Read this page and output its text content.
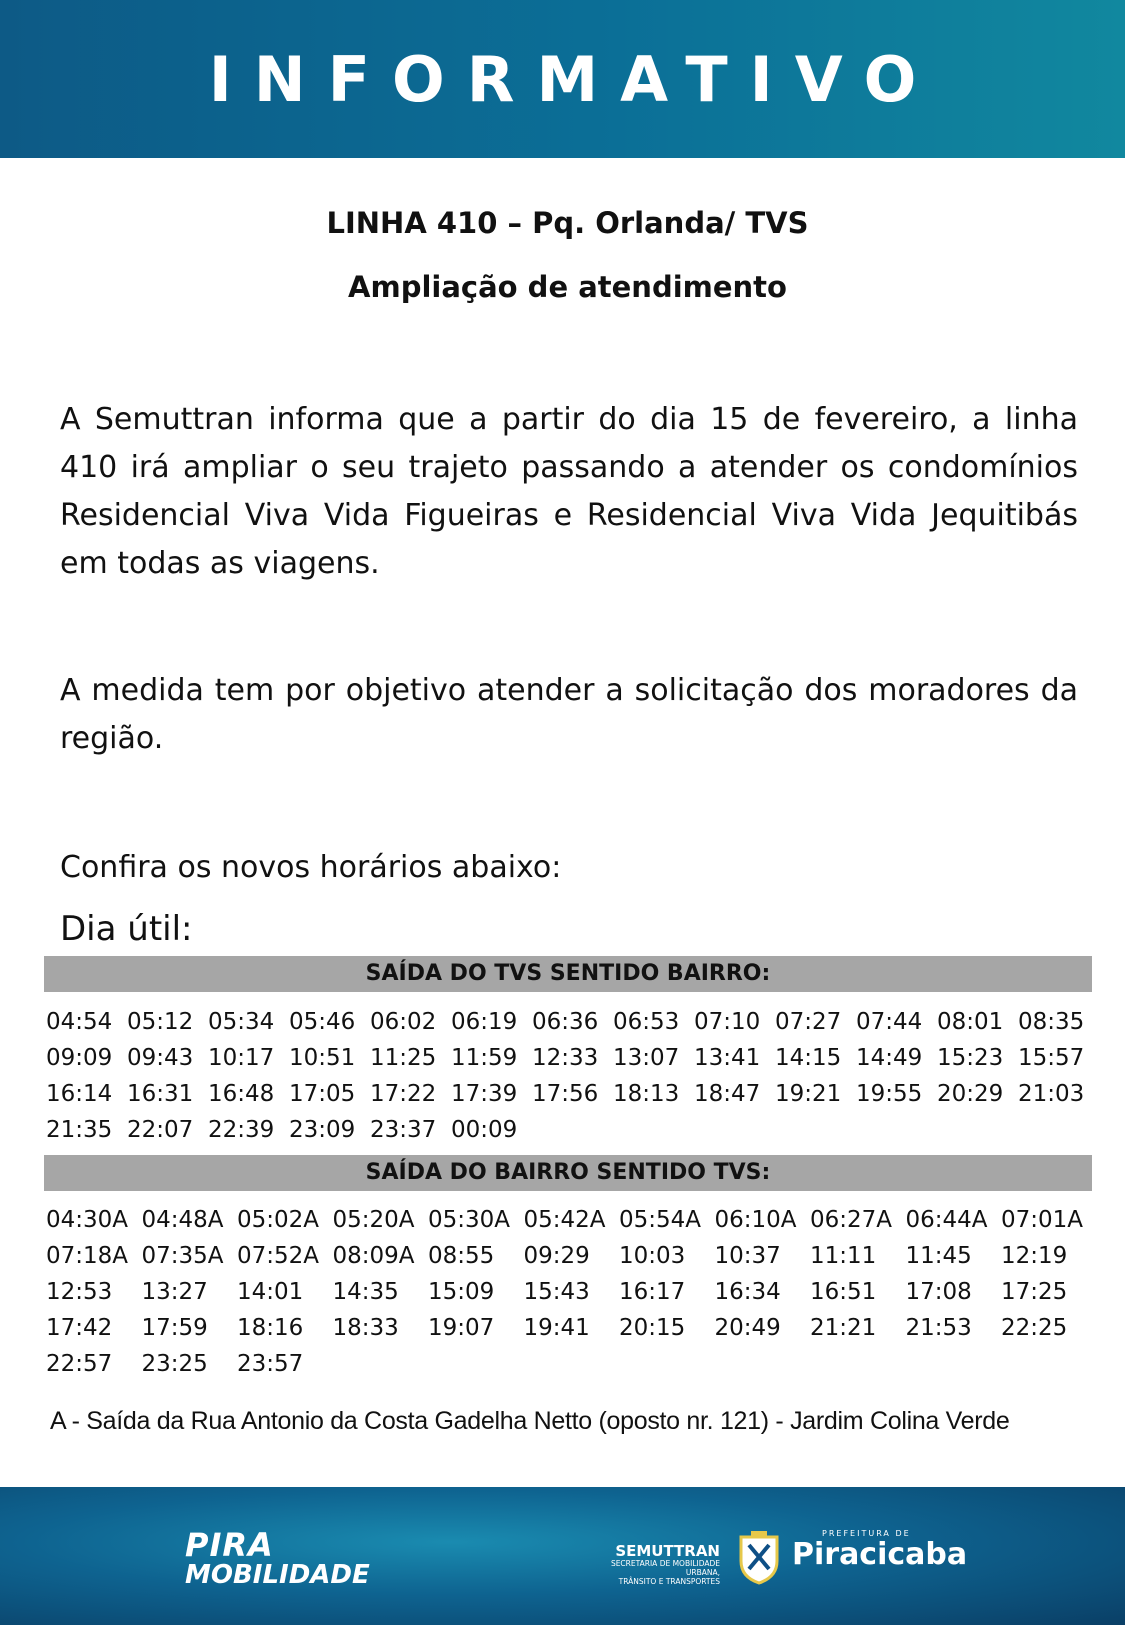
INFORMATIVO

LINHA 410 – Pq. Orlanda/ TVS

Ampliação de atendimento

A Semuttran informa que a partir do dia 15 de fevereiro, a linha 410 irá ampliar o seu trajeto passando a atender os condomínios Residencial Viva Vida Figueiras e Residencial Viva Vida Jequitibás em todas as viagens.

A medida tem por objetivo atender a solicitação dos moradores da região.

Confira os novos horários abaixo:

Dia útil:

SAÍDA DO TVS SENTIDO BAIRRO:
04:54 05:12 05:34 05:46 06:02 06:19 06:36 06:53 07:10 07:27 07:44 08:01 08:35
09:09 09:43 10:17 10:51 11:25 11:59 12:33 13:07 13:41 14:15 14:49 15:23 15:57
16:14 16:31 16:48 17:05 17:22 17:39 17:56 18:13 18:47 19:21 19:55 20:29 21:03
21:35 22:07 22:39 23:09 23:37 00:09
SAÍDA DO BAIRRO SENTIDO TVS:
04:30A 04:48A 05:02A 05:20A 05:30A 05:42A 05:54A 06:10A 06:27A 06:44A 07:01A
07:18A 07:35A 07:52A 08:09A 08:55	09:29	10:03	10:37	11:11	11:45	12:19
12:53	13:27	14:01	14:35	15:09	15:43	16:17	16:34	16:51	17:08	17:25
17:42	17:59	18:16	18:33	19:07	19:41	20:15	20:49	21:21	21:53	22:25
22:57	23:25	23:57

A - Saída da Rua Antonio da Costa Gadelha Netto (oposto nr. 121) - Jardim Colina Verde

PIRA
MOBILIDADE
SEMUTTRAN
SECRETARIA DE MOBILIDADE URBANA,
TRÂNSITO E TRANSPORTES
PREFEITURA DE
Piracicaba
